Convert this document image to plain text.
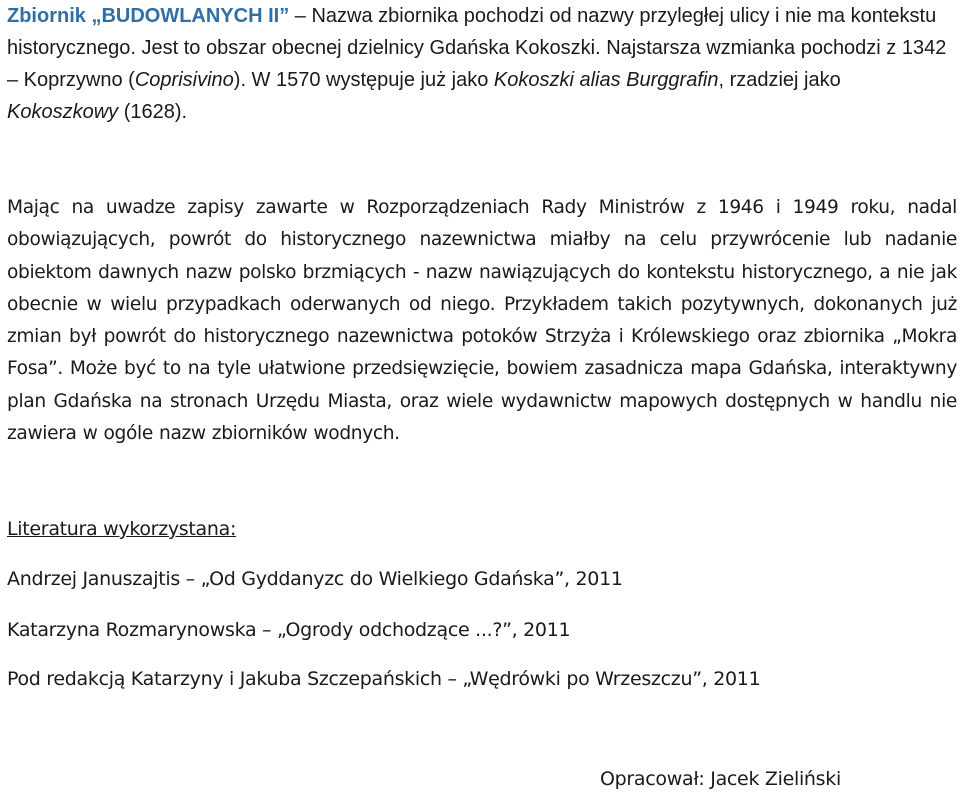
Zbiornik „BUDOWLANYCH II” – Nazwa zbiornika pochodzi od nazwy przyległej ulicy i nie ma kontekstu historycznego. Jest to obszar obecnej dzielnicy Gdańska Kokoszki. Najstarsza wzmianka pochodzi z 1342 – Koprzywno (Coprisivino). W 1570 występuje już jako Kokoszki alias Burggrafin, rzadziej jako Kokoszkowy (1628).

Mając na uwadze zapisy zawarte w Rozporządzeniach Rady Ministrów z 1946 i 1949 roku, nadal obowiązujących, powrót do historycznego nazewnictwa miałby na celu przywrócenie lub nadanie obiektom dawnych nazw polsko brzmiących - nazw nawiązujących do kontekstu historycznego, a nie jak obecnie w wielu przypadkach oderwanych od niego. Przykładem takich pozytywnych, dokonanych już zmian był powrót do historycznego nazewnictwa potoków Strzyża i Królewskiego oraz zbiornika „Mokra Fosa”. Może być to na tyle ułatwione przedsięwzięcie, bowiem zasadnicza mapa Gdańska, interaktywny plan Gdańska na stronach Urzędu Miasta, oraz wiele wydawnictw mapowych dostępnych w handlu nie zawiera w ogóle nazw zbiorników wodnych.

Literatura wykorzystana:

Andrzej Januszajtis – „Od Gyddanyzc do Wielkiego Gdańska”, 2011

Katarzyna Rozmarynowska – „Ogrody odchodzące ...?”, 2011

Pod redakcją Katarzyny i Jakuba Szczepańskich – „Wędrówki po Wrzeszczu”, 2011

Opracował: Jacek Zieliński
